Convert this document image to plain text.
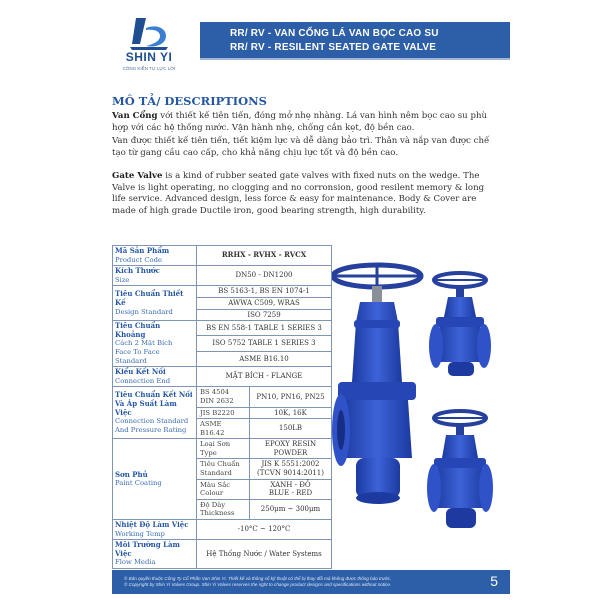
SHIN YI
CÔNG KIỂN TỰ LỰC LỚI
RR/ RV - VAN CỔNG LÁ VAN BỌC CAO SU
RR/ RV - RESILENT SEATED GATE VALVE
MÔ TẢ/ DESCRIPTIONS
Van Cổng với thiết kế tiên tiến, đóng mở nhẹ nhàng. Lá van hình nêm bọc cao su phù hợp với các hệ thống nước. Vận hành nhẹ, chống cắn kẹt, độ bền cao.
Van được thiết kế tiên tiến, tiết kiệm lực và dễ dàng bảo trì. Thân và nắp van được chế tạo từ gang cầu cao cấp, cho khả năng chịu lực tốt và độ bền cao.
Gate Valve is a kind of rubber seated gate valves with fixed nuts on the wedge. The Valve is light operating, no clogging and no corronsion, good resilent memory & long life service. Advanced design, less force & easy for maintenance. Body & Cover are made of high grade Ductile iron, good bearing strength, high durability.
Mã Sản Phẩm
Product Code	RRHX - RVHX - RVCX	

Kích Thước
Size	DN50 - DN1200	

Tiêu Chuẩn Thiết Kế
Design Standard	BS 5163-1, BS EN 1074-1	
	AWWA C509, WRAS	
	ISO 7259	

Tiêu Chuẩn Khoảng
Cách 2 Mặt Bích
Face To Face Standard	BS EN 558-1 TABLE 1 SERIES 3	
	ISO 5752 TABLE 1 SERIES 3	
	ASME B16.10	

Kiểu Kết Nối
Connection End	MẶT BÍCH - FLANGE	

Tiêu Chuẩn Kết Nối
Và Áp Suất Làm Việc
Connection Standard
And Pressure Rating	BS 4504
DIN 2632	PN10, PN16, PN25
	JIS B2220	10K, 16K
	ASME B16.42	150LB

Sơn Phủ
Paint Coating	Loại Sơn Type	EPOXY RESIN
POWDER
	Tiêu Chuẩn
Standard	JIS K 5551:2002
(TCVN 9014:2011)
	Màu Sắc
Colour	XANH - ĐỎ
BLUE - RED
	Độ Dày
Thickness	250μm ~ 300μm

Nhiệt Độ Làm Việc
Working Temp	-10°C ~ 120°C	

Môi Trường Làm Việc
Flow Media	Hệ Thống Nước / Water Systems	
© Bản quyền thuộc Công Ty Cổ Phần Van Shin Yi. Thiết kế và thông số kỹ thuật có thể bị thay đổi mà không được thông báo trước.
© Copyright by Shin Yi Valves Group. Shin Yi Valves reserves the right to change product designs and specifications without notice.	5
